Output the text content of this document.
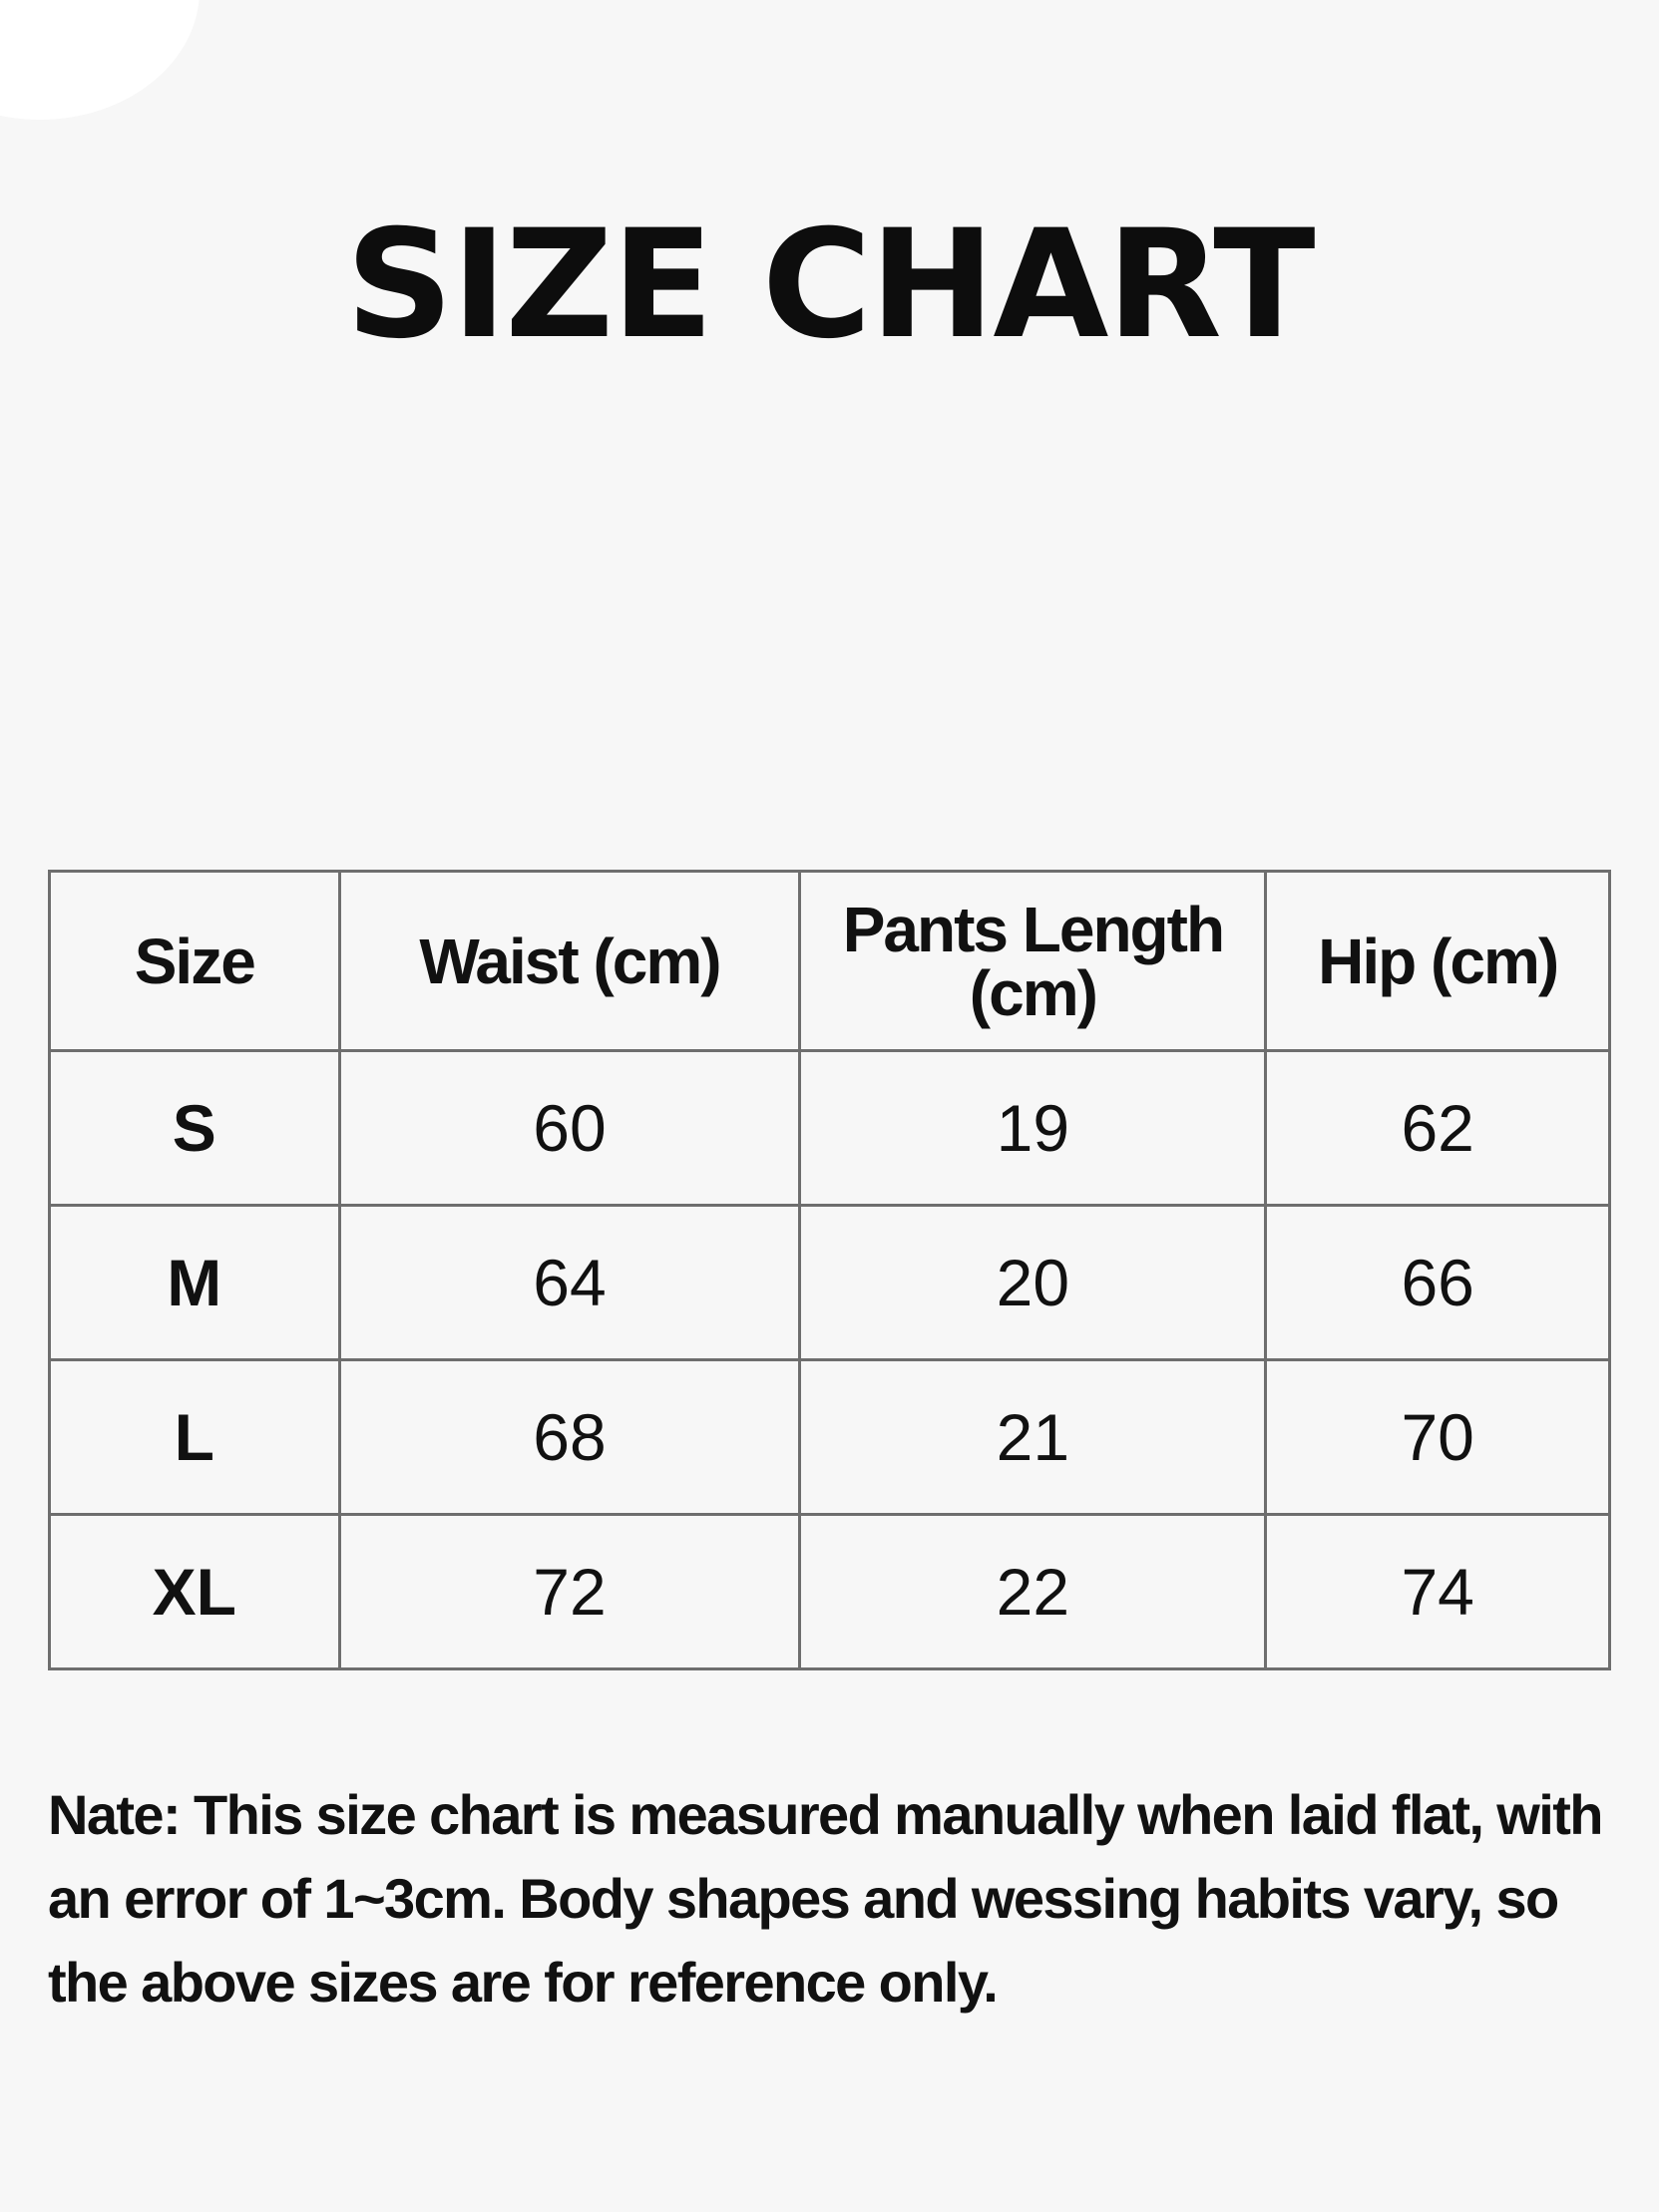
SIZE CHART
Size	Waist (cm)	Pants Length (cm)	Hip (cm)
S	60	19	62
M	64	20	66
L	68	21	70
XL	72	22	74

Nate: This size chart is measured manually when laid flat, with an error of 1~3cm. Body shapes and wessing habits vary, so the above sizes are for reference only.
